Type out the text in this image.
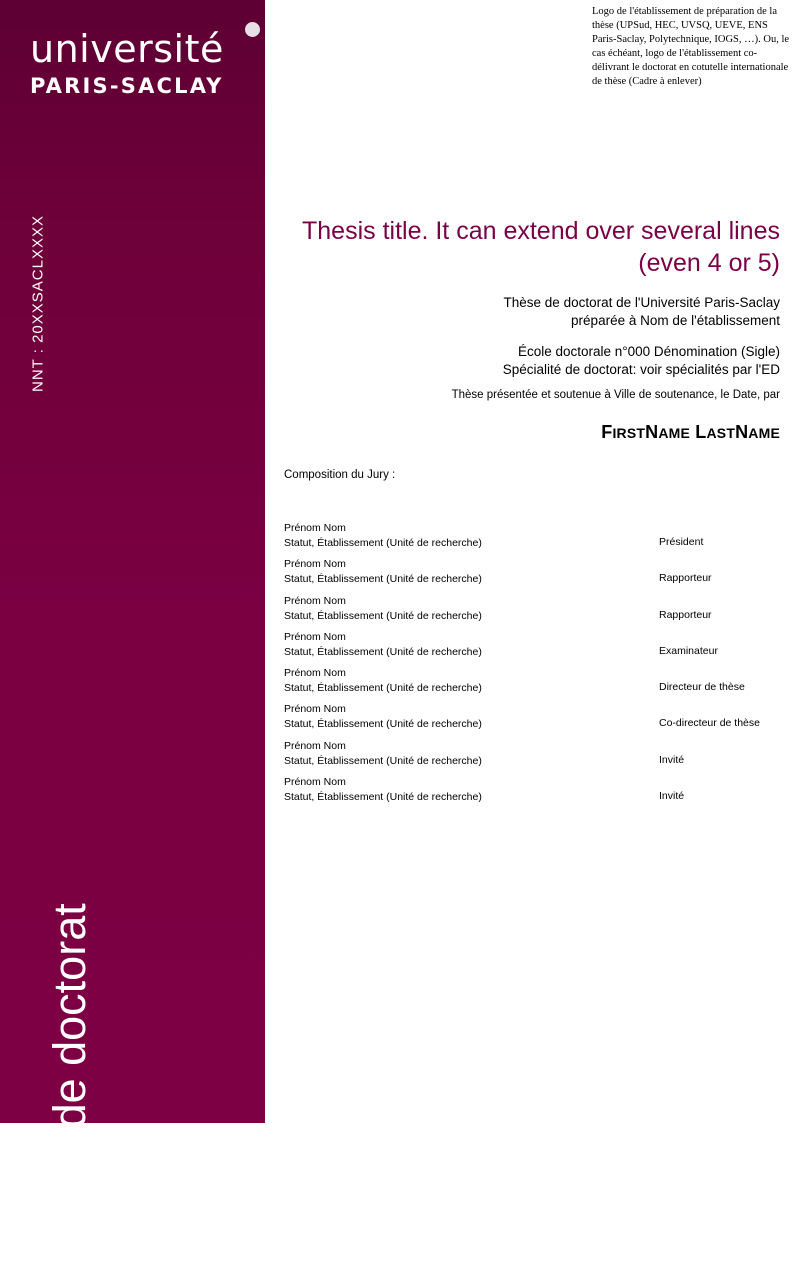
université
PARIS-SACLAY
NNT : 20XXSACLXXXX
Thèse de doctorat
Logo de l'établissement de préparation de la thèse (UPSud, HEC, UVSQ, UEVE, ENS Paris-Saclay, Polytechnique, IOGS, …). Ou, le cas échéant, logo de l'établissement co-délivrant le doctorat en cotutelle internationale de thèse (Cadre à enlever)
Thesis title. It can extend over several lines (even 4 or 5)
Thèse de doctorat de l'Université Paris-Saclay
préparée à Nom de l'établissement
École doctorale n°000 Dénomination (Sigle)
Spécialité de doctorat: voir spécialités par l'ED
Thèse présentée et soutenue à Ville de soutenance, le Date, par
FIRSTNAME LASTNAME
Composition du Jury :
Prénom Nom
Statut, Établissement (Unité de recherche)	Président
Prénom Nom
Statut, Établissement (Unité de recherche)	Rapporteur
Prénom Nom
Statut, Établissement (Unité de recherche)	Rapporteur
Prénom Nom
Statut, Établissement (Unité de recherche)	Examinateur
Prénom Nom
Statut, Établissement (Unité de recherche)	Directeur de thèse
Prénom Nom
Statut, Établissement (Unité de recherche)	Co-directeur de thèse
Prénom Nom
Statut, Établissement (Unité de recherche)	Invité
Prénom Nom
Statut, Établissement (Unité de recherche)	Invité
